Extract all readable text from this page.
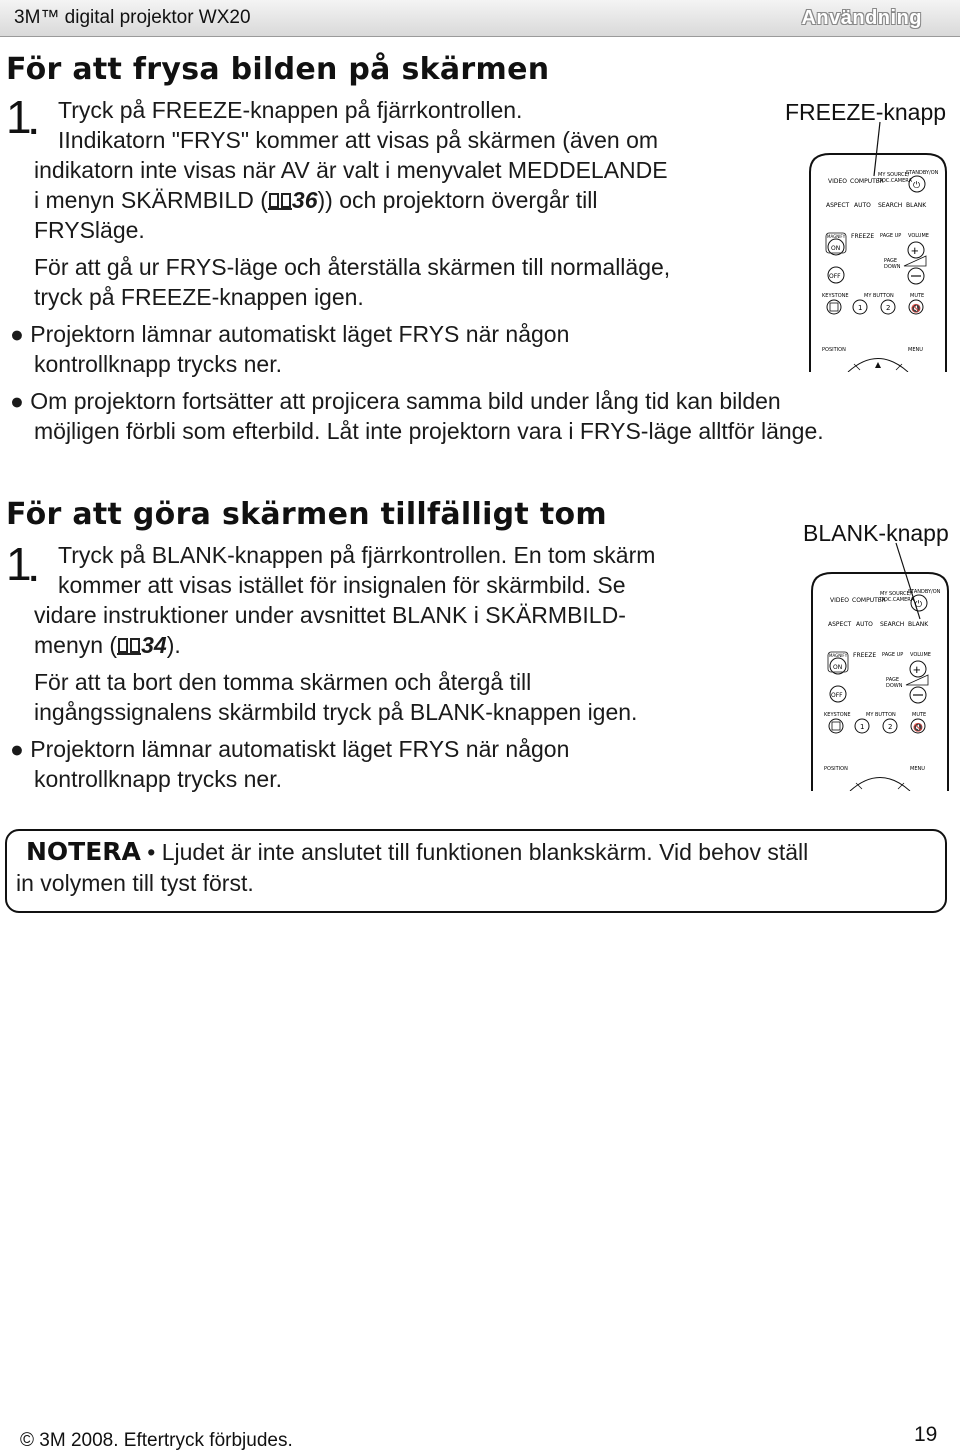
3M™ digital projektor WX20	Användning
För att frysa bilden på skärmen
1
. Tryck på FREEZE-knappen på fjärrkontrollen.
IIndikatorn "FRYS" kommer att visas på skärmen (även om
indikatorn inte visas när AV är valt i menyvalet MEDDELANDE
i menyn SKÄRMBILD ( 36)) och projektorn övergår till
FRYSläge.
För att gå ur FRYS-läge och återställa skärmen till normalläge,
tryck på FREEZE-knappen igen.
● Projektorn lämnar automatiskt läget FRYS när någon
kontrollknapp trycks ner.
● Om projektorn fortsätter att projicera samma bild under lång tid kan bilden
möjligen förbli som efterbild. Låt inte projektorn vara i FRYS-läge alltför länge.
FREEZE-knapp
VIDEO COMPUTER
MY SOURCE/
DOC.CAMERA
STANDBY/ON
⏻
ASPECT AUTO SEARCH BLANK
MAGNIFY FREEZE PAGE UP VOLUME
ON	+
PAGE
DOWN
OFF
KEYSTONE	MY BUTTON	MUTE
1	2	🔇
POSITION	MENU
För att göra skärmen tillfälligt tom
1
. Tryck på BLANK-knappen på fjärrkontrollen. En tom skärm
kommer att visas istället för insignalen för skärmbild. Se
vidare instruktioner under avsnittet BLANK i SKÄRMBILD-
menyn ( 34).
För att ta bort den tomma skärmen och återgå till
ingångssignalens skärmbild tryck på BLANK-knappen igen.
● Projektorn lämnar automatiskt läget FRYS när någon
kontrollknapp trycks ner.
BLANK-knapp
VIDEO COMPUTER
MY SOURCE/
DOC.CAMERA
STANDBY/ON
⏻
ASPECT AUTO SEARCH BLANK
MAGNIFY FREEZE PAGE UP VOLUME
ON	+
PAGE
DOWN
OFF
KEYSTONE	MY BUTTON	MUTE
1	2	🔇
POSITION	MENU
NOTERA • Ljudet är inte anslutet till funktionen blankskärm. Vid behov ställ
in volymen till tyst först.
© 3M 2008. Eftertryck förbjudes.	19
